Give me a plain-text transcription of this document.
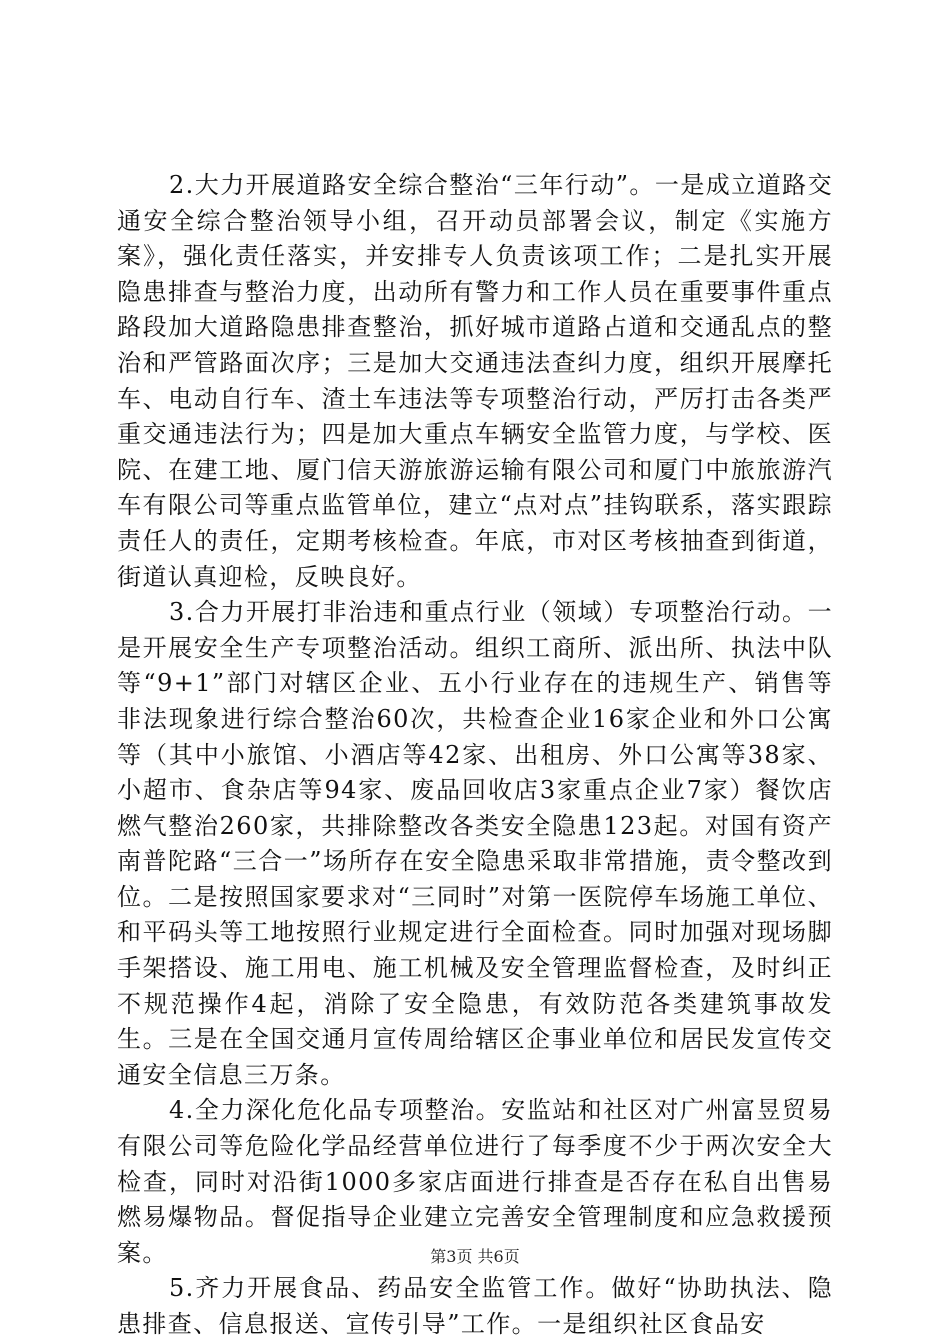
2.大力开展道路安全综合整治“三年行动”。一是成立道路交通安全综合整治领导小组，召开动员部署会议，制定《实施方案》，强化责任落实，并安排专人负责该项工作；二是扎实开展隐患排查与整治力度，出动所有警力和工作人员在重要事件重点路段加大道路隐患排查整治，抓好城市道路占道和交通乱点的整治和严管路面次序；三是加大交通违法查纠力度，组织开展摩托车、电动自行车、渣土车违法等专项整治行动，严厉打击各类严重交通违法行为；四是加大重点车辆安全监管力度，与学校、医院、在建工地、厦门信天游旅游运输有限公司和厦门中旅旅游汽车有限公司等重点监管单位，建立“点对点”挂钩联系，落实跟踪责任人的责任，定期考核检查。年底，市对区考核抽查到街道，街道认真迎检，反映良好。

3.合力开展打非治违和重点行业（领域）专项整治行动。一是开展安全生产专项整治活动。组织工商所、派出所、执法中队等“9+1”部门对辖区企业、五小行业存在的违规生产、销售等非法现象进行综合整治60次，共检查企业16家企业和外口公寓等（其中小旅馆、小酒店等42家、出租房、外口公寓等38家、小超市、食杂店等94家、废品回收店3家重点企业7家）餐饮店燃气整治260家，共排除整改各类安全隐患123起。对国有资产南普陀路“三合一”场所存在安全隐患采取非常措施，责令整改到位。二是按照国家要求对“三同时”对第一医院停车场施工单位、和平码头等工地按照行业规定进行全面检查。同时加强对现场脚手架搭设、施工用电、施工机械及安全管理监督检查，及时纠正不规范操作4起，消除了安全隐患，有效防范各类建筑事故发生。三是在全国交通月宣传周给辖区企事业单位和居民发宣传交通安全信息三万条。

4.全力深化危化品专项整治。安监站和社区对广州富昱贸易有限公司等危险化学品经营单位进行了每季度不少于两次安全大检查，同时对沿街1000多家店面进行排查是否存在私自出售易燃易爆物品。督促指导企业建立完善安全管理制度和应急救援预案。

5.齐力开展食品、药品安全监管工作。做好“协助执法、隐患排查、信息报送、宣传引导”工作。一是组织社区食品安

第3页 共6页
